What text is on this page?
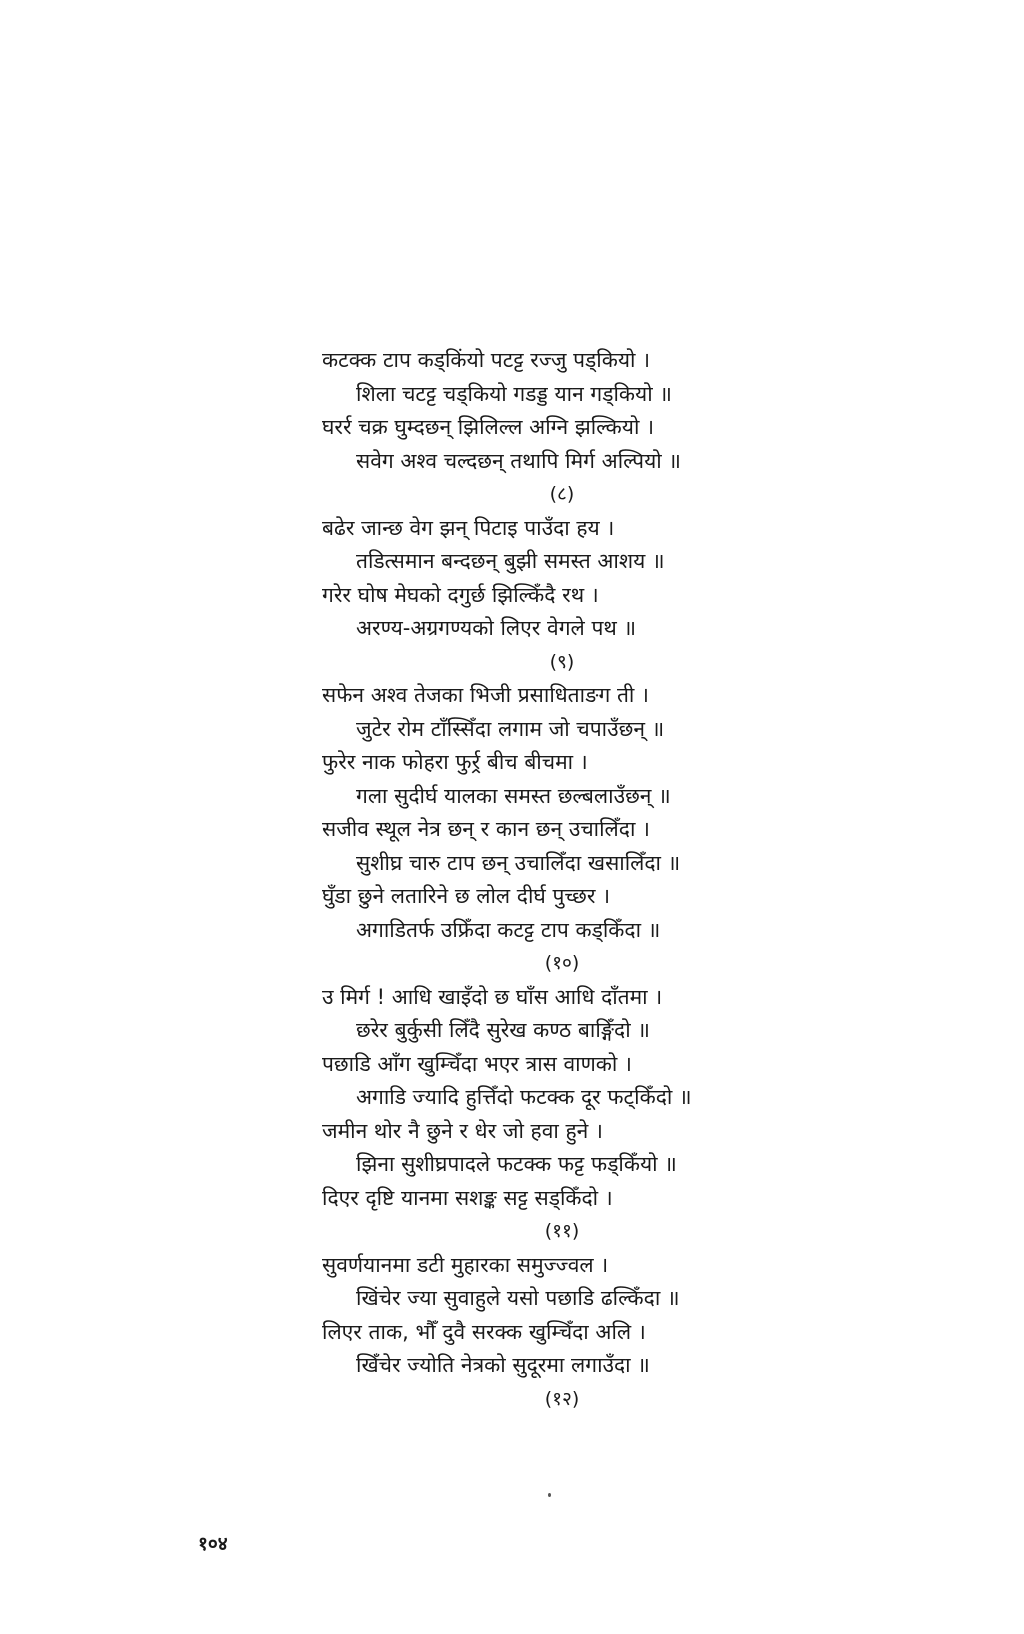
कटक्क टाप कड्किंयो पटट्ट रज्जु पड्कियो ।
शिला चटट्ट चड्कियो गडड्ड यान गड्कियो ॥
घरर्र चक्र घुम्दछन् झिलिल्ल अग्नि झल्कियो ।
सवेग अश्व चल्दछन् तथापि मिर्ग अल्पियो ॥
(८)
बढेर जान्छ वेग झन् पिटाइ पाउँदा हय ।
तडित्समान बन्दछन् बुझी समस्त आशय ॥
गरेर घोष मेघको दगुर्छ झिल्किँदै रथ ।
अरण्य-अग्रगण्यको लिएर वेगले पथ ॥
(९)
सफेन अश्व तेजका भिजी प्रसाधिताङग ती ।
जुटेर रोम टाँस्सिँदा लगाम जो चपाउँछन् ॥
फुरेर नाक फोहरा फुर्र्र बीच बीचमा ।
गला सुदीर्घ यालका समस्त छल्बलाउँछन् ॥
सजीव स्थूल नेत्र छन् र कान छन् उचालिँदा ।
सुशीघ्र चारु टाप छन् उचालिँदा खसालिँदा ॥
घुँडा छुने लतारिने छ लोल दीर्घ पुच्छर ।
अगाडितर्फ उफ्रिँदा कटट्ट टाप कड्किँदा ॥
(१०)
उ मिर्ग ! आधि खाइँदो छ घाँस आधि दाँतमा ।
छरेर बुर्कुसी लिँदै सुरेख कण्ठ बाङ्गिँदो ॥
पछाडि आँग खुम्चिँदा भएर त्रास वाणको ।
अगाडि ज्यादि हुत्तिँदो फटक्क दूर फट्किँदो ॥
जमीन थोर नै छुने र धेर जो हवा हुने ।
झिना सुशीघ्रपादले फटक्क फट्ट फड्किँयो ॥
दिएर दृष्टि यानमा सशङ्क सट्ट सड्किँदो ।
(११)
सुवर्णयानमा डटी मुहारका समुज्ज्वल ।
खिंचेर ज्या सुवाहुले यसो पछाडि ढल्किँदा ॥
लिएर ताक, भौँ दुवै सरक्क खुम्चिँदा अलि ।
खिँचेर ज्योति नेत्रको सुदूरमा लगाउँदा ॥
(१२)
१०४
